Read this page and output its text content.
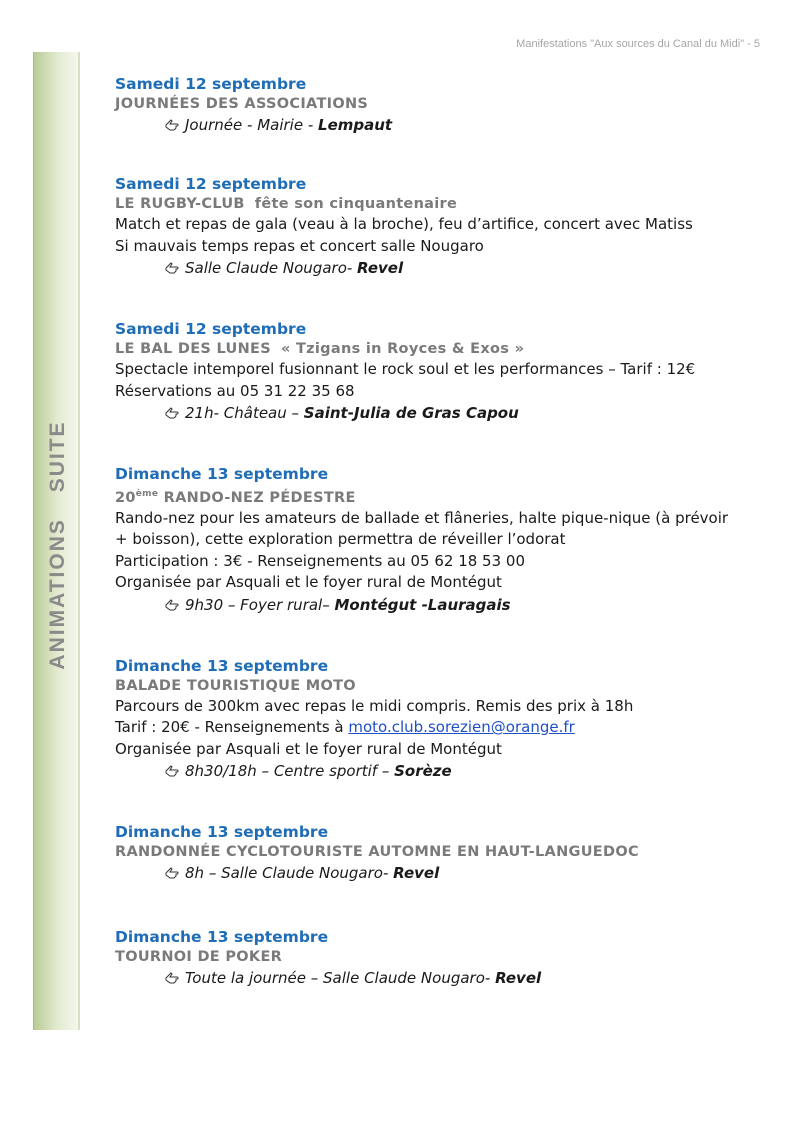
Manifestations "Aux sources du Canal du Midi" - 5
ANIMATIONS SUITE
Samedi 12 septembre
JOURNÉES DES ASSOCIATIONS
Journée - Mairie - Lempaut
Samedi 12 septembre
LE RUGBY-CLUB fête son cinquantenaire
Match et repas de gala (veau à la broche), feu d’artifice, concert avec Matiss
Si mauvais temps repas et concert salle Nougaro
Salle Claude Nougaro- Revel
Samedi 12 septembre
LE BAL DES LUNES « Tzigans in Royces & Exos »
Spectacle intemporel fusionnant le rock soul et les performances – Tarif : 12€
Réservations au 05 31 22 35 68
21h- Château – Saint-Julia de Gras Capou
Dimanche 13 septembre
20ème RANDO-NEZ PÉDESTRE
Rando-nez pour les amateurs de ballade et flâneries, halte pique-nique (à prévoir
+ boisson), cette exploration permettra de réveiller l’odorat
Participation : 3€ - Renseignements au 05 62 18 53 00
Organisée par Asquali et le foyer rural de Montégut
9h30 – Foyer rural– Montégut -Lauragais
Dimanche 13 septembre
BALADE TOURISTIQUE MOTO
Parcours de 300km avec repas le midi compris. Remis des prix à 18h
Tarif : 20€ - Renseignements à moto.club.sorezien@orange.fr
Organisée par Asquali et le foyer rural de Montégut
8h30/18h – Centre sportif – Sorèze
Dimanche 13 septembre
RANDONNÉE CYCLOTOURISTE AUTOMNE EN HAUT-LANGUEDOC
8h – Salle Claude Nougaro- Revel
Dimanche 13 septembre
TOURNOI DE POKER
Toute la journée – Salle Claude Nougaro- Revel
